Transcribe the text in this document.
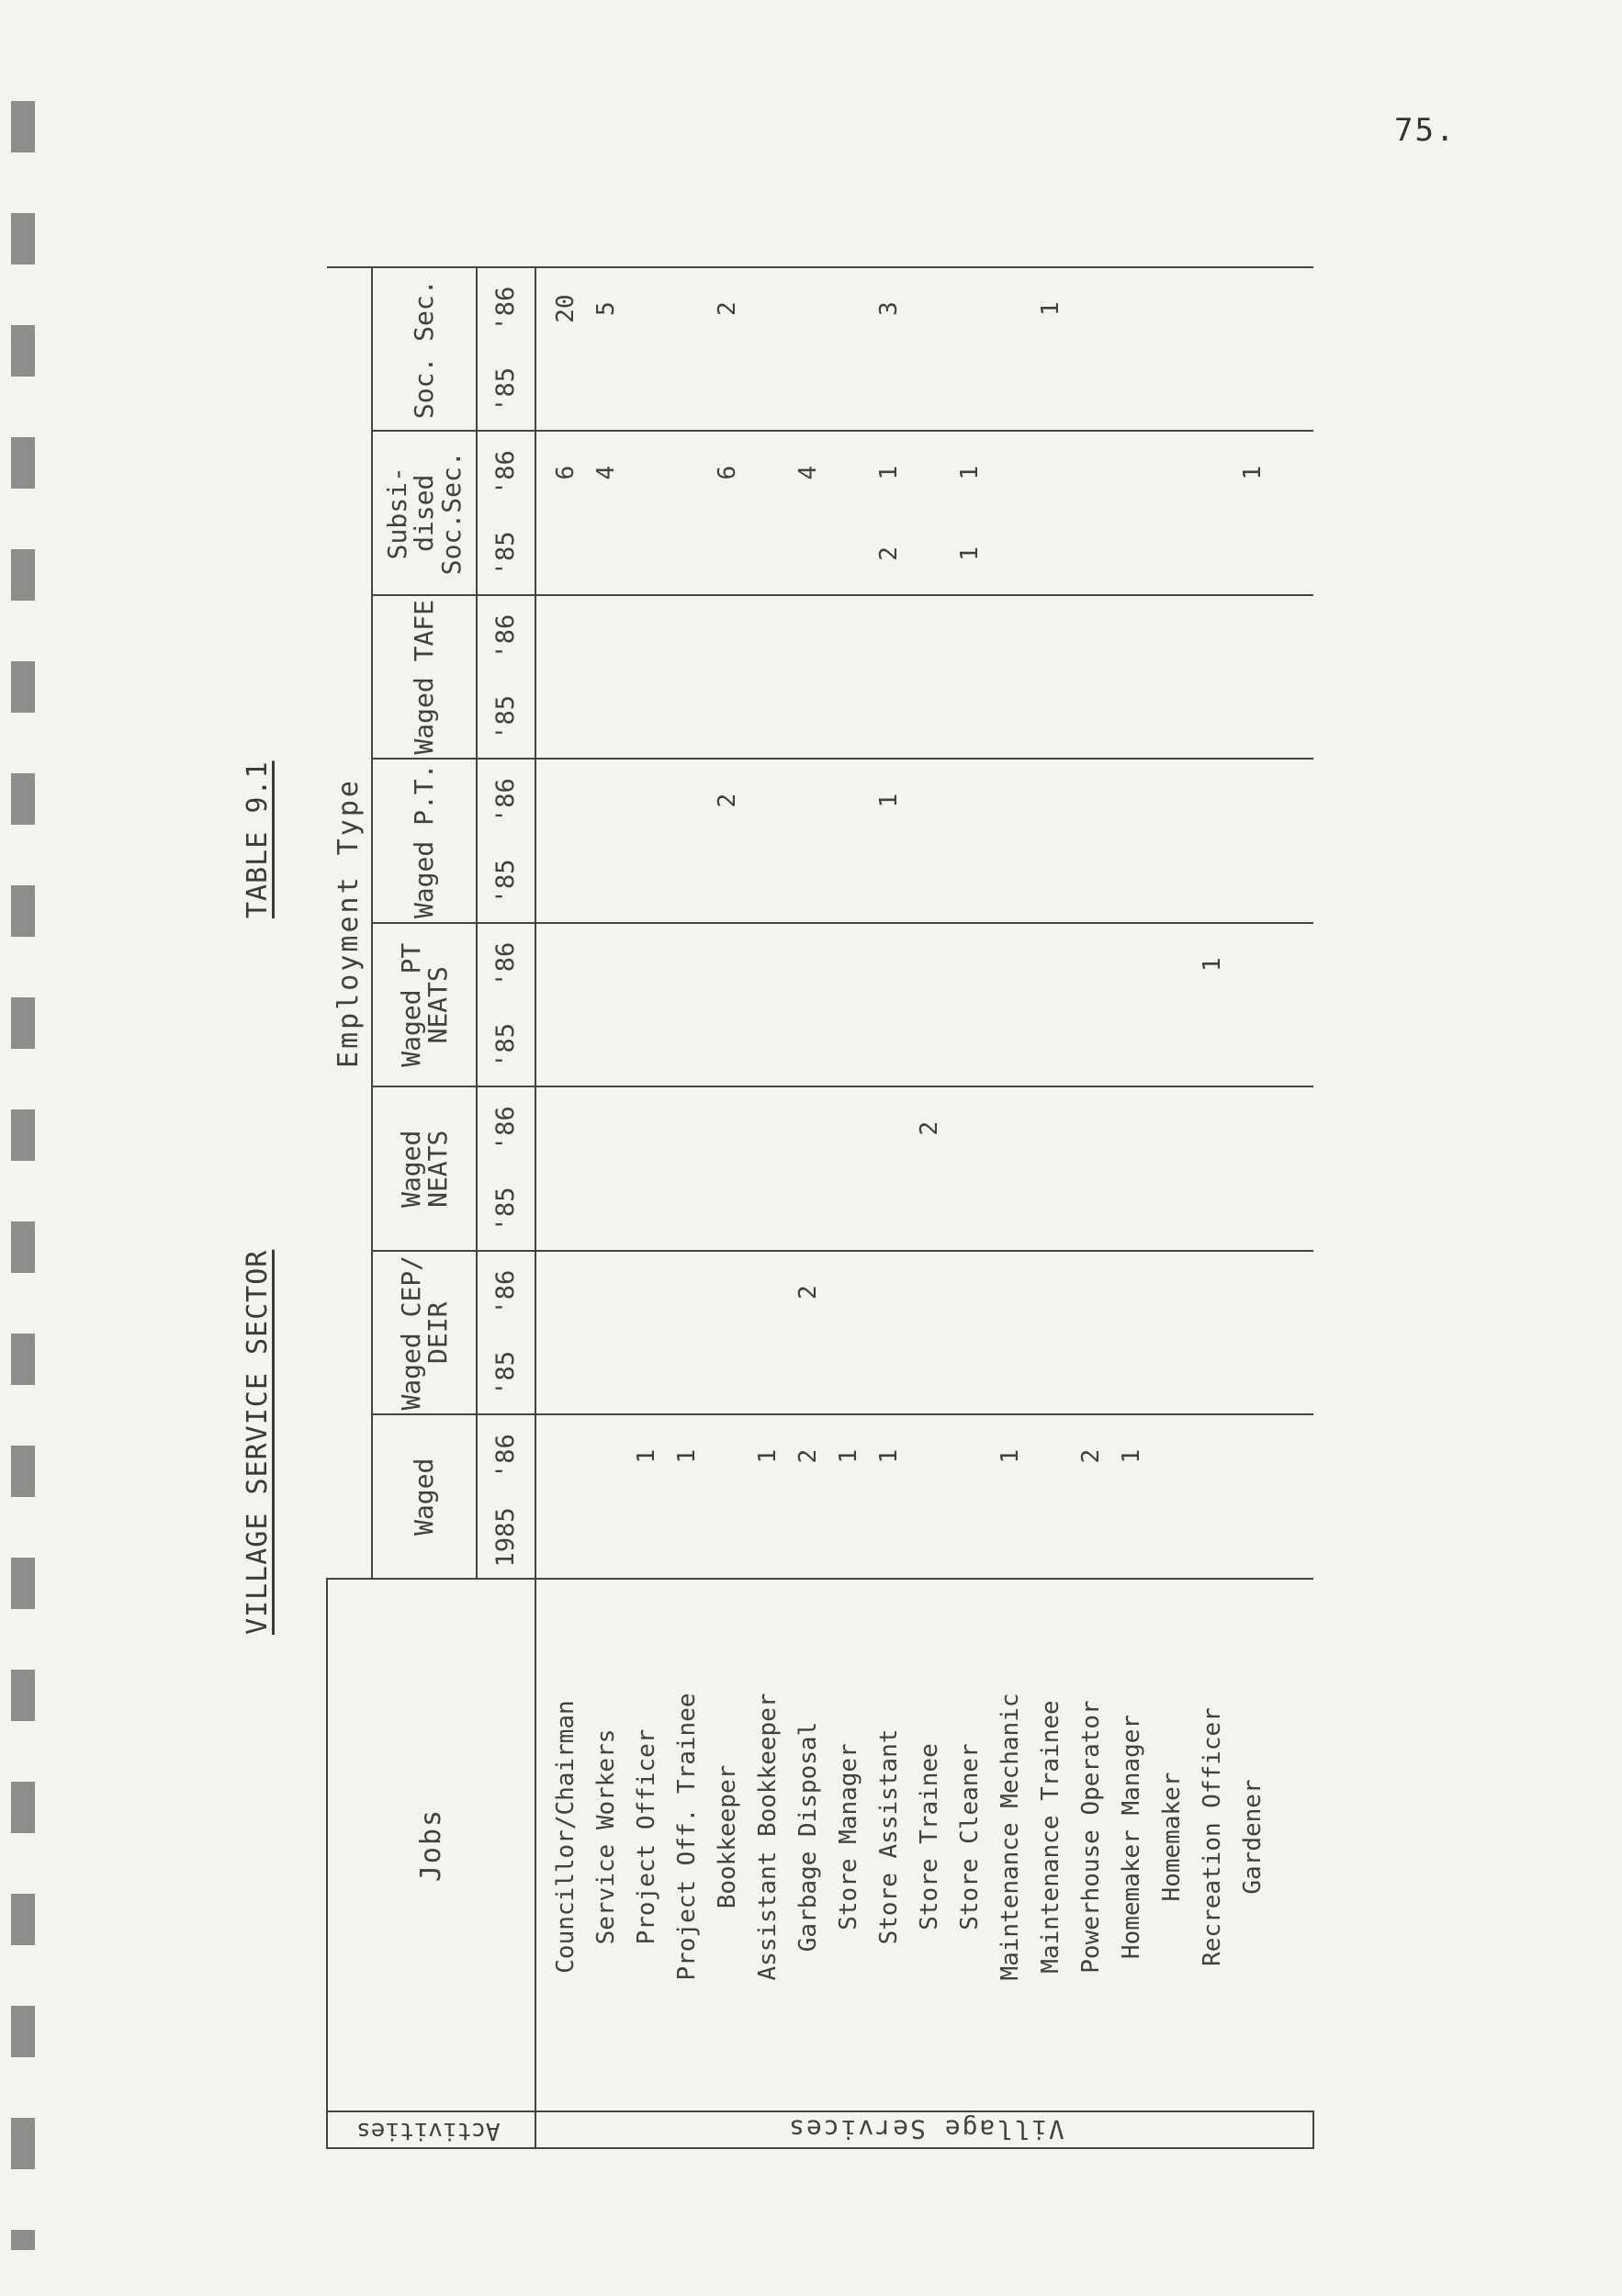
75.
VILLAGE SERVICE SECTOR
TABLE 9.1
Activities	Jobs	Employment Type															
		Waged		Waged CEP/ DEIR		Waged NEATS		Waged PT NEATS		Waged P.T.		Waged TAFE		Subsi- dised Soc.Sec.		Soc. Sec.	
		1985	'86	'85	'86	'85	'86	'85	'86	'85	'86	'85	'86	'85	'86	'85	'86
Village Services	Councillor/Chairman														6		20
	Service Workers														4		5
	Project Officer		1														
	Project Off. Trainee		1														
	Bookkeeper										2				6		2
	Assistant Bookkeeper		1														
	Garbage Disposal		2		2										4		
	Store Manager		1														
	Store Assistant		1								1			2	1		3
	Store Trainee						2										
	Store Cleaner													1	1		
	Maintenance Mechanic		1														
	Maintenance Trainee																1
	Powerhouse Operator		2														
	Homemaker Manager		1														
	Homemaker																
	Recreation Officer								1								
	Gardener														1		
